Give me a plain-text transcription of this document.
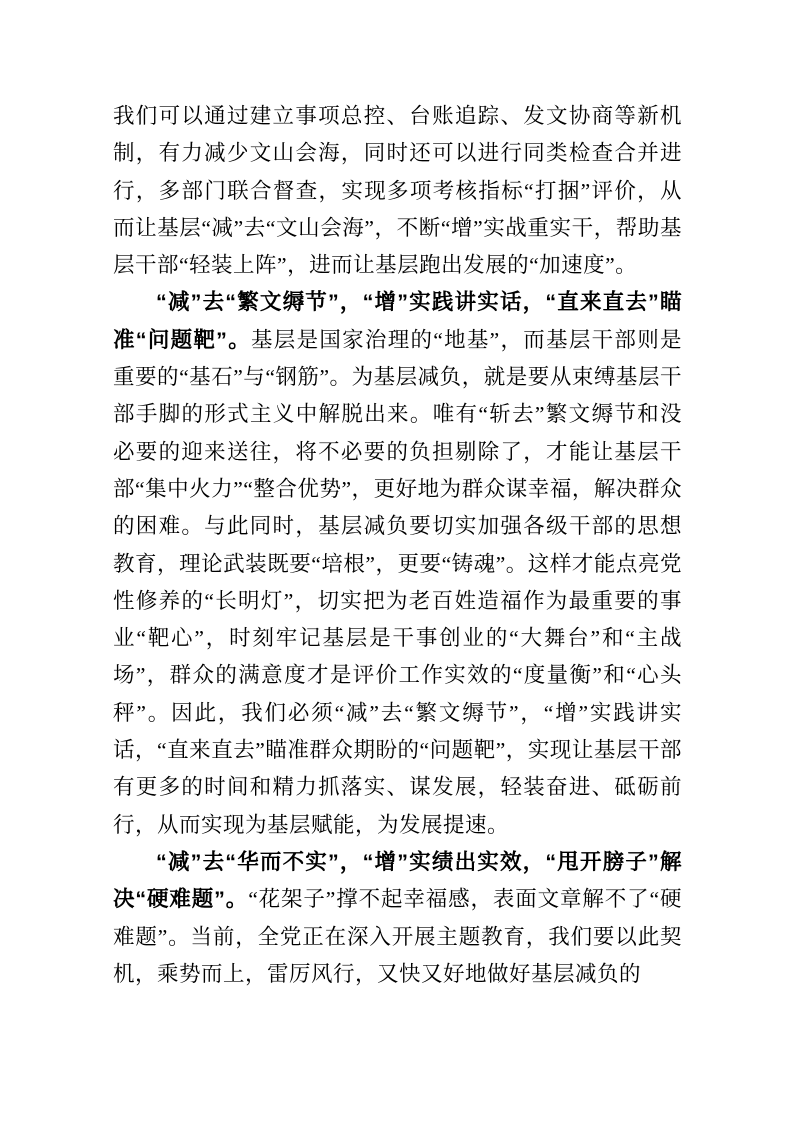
我们可以通过建立事项总控、台账追踪、发文协商等新机制，有力减少文山会海，同时还可以进行同类检查合并进行，多部门联合督查，实现多项考核指标“打捆”评价，从而让基层“减”去“文山会海”，不断“增”实战重实干，帮助基层干部“轻装上阵”，进而让基层跑出发展的“加速度”。

“减”去“繁文缛节”，“增”实践讲实话，“直来直去”瞄准“问题靶”。基层是国家治理的“地基”，而基层干部则是重要的“基石”与“钢筋”。为基层减负，就是要从束缚基层干部手脚的形式主义中解脱出来。唯有“斩去”繁文缛节和没必要的迎来送往，将不必要的负担剔除了，才能让基层干部“集中火力”“整合优势”，更好地为群众谋幸福，解决群众的困难。与此同时，基层减负要切实加强各级干部的思想教育，理论武装既要“培根”，更要“铸魂”。这样才能点亮党性修养的“长明灯”，切实把为老百姓造福作为最重要的事业“靶心”，时刻牢记基层是干事创业的“大舞台”和“主战场”，群众的满意度才是评价工作实效的“度量衡”和“心头秤”。因此，我们必须“减”去“繁文缛节”，“增”实践讲实话，“直来直去”瞄准群众期盼的“问题靶”，实现让基层干部有更多的时间和精力抓落实、谋发展，轻装奋进、砥砺前行，从而实现为基层赋能，为发展提速。

“减”去“华而不实”，“增”实绩出实效，“甩开膀子”解决“硬难题”。“花架子”撑不起幸福感，表面文章解不了“硬难题”。当前，全党正在深入开展主题教育，我们要以此契机，乘势而上，雷厉风行，又快又好地做好基层减负的
